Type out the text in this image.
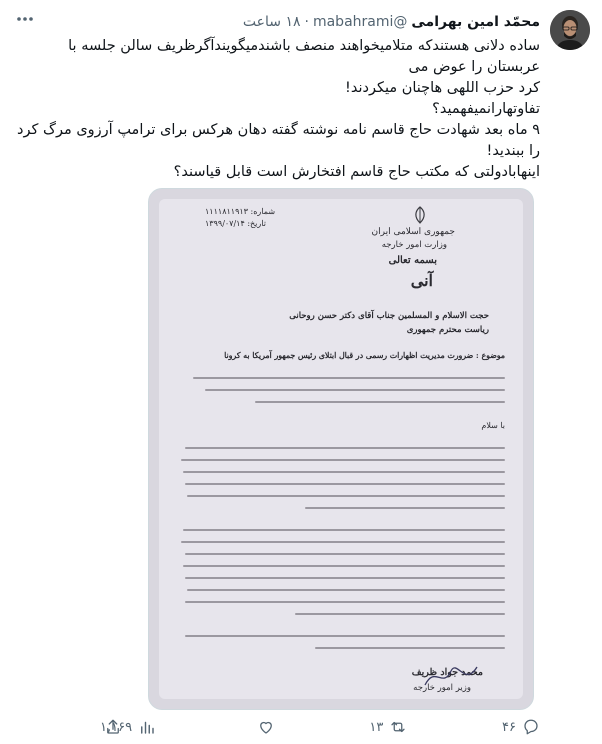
محمّد امین بهرامی
@mabahrami
·
۱۸ ساعت

ساده دلانی هستندکه متلامیخواهند منصف باشندمیگویندآگرظریف سالن جلسه با عربستان را عوض می

کرد حزب اللهی هاچنان میکردند!

تفاوتهارانمیفهمید؟

۹ ماه بعد شهادت حاج قاسم نامه نوشته گفته دهان هرکس برای ترامپ آرزوی مرگ کرد را ببندید!

اینهابادولتی که مکتب حاج قاسم افتخارش است قابل قیاسند؟

جمهوری اسلامی ایران
وزارت امور خارجه
بسمه تعالی
شماره: ۱۱۱۱۸۱۱۹۱۳
تاریخ: ۱۳۹۹/۰۷/۱۴
آنی
حجت الاسلام و المسلمین جناب آقای دکتر حسن روحانی
ریاست محترم جمهوری
موضوع : ضرورت مدیریت اظهارات رسمی در قبال ابتلای رئیس جمهور آمریکا به کرونا
با سلام
محمد جواد ظریف
وزیر امور خارجه
۴۶
۱۳
۱,۱۶۹
